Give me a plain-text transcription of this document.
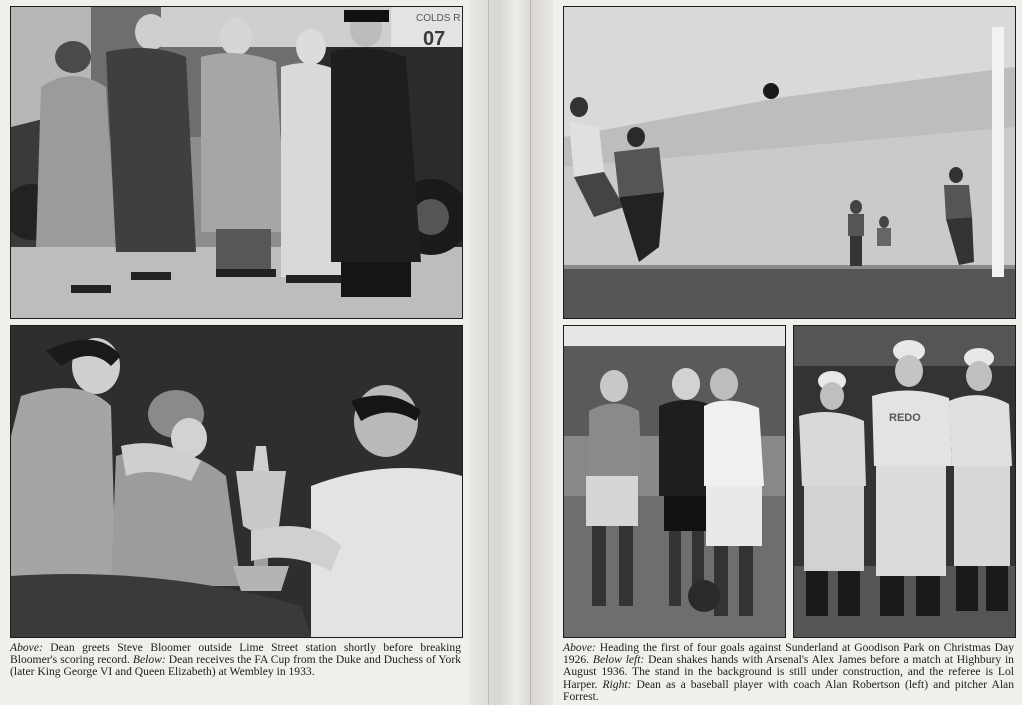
COLDS R
07
Above: Dean greets Steve Bloomer outside Lime Street station shortly before breaking Bloomer's scoring record. Below: Dean receives the FA Cup from the Duke and Duchess of York (later King George VI and Queen Elizabeth) at Wembley in 1933.
REDO
Above: Heading the first of four goals against Sunderland at Goodison Park on Christmas Day 1926. Below left: Dean shakes hands with Arsenal's Alex James before a match at Highbury in August 1936. The stand in the background is still under construction, and the referee is Lol Harper. Right: Dean as a baseball player with coach Alan Robertson (left) and pitcher Alan Forrest.
